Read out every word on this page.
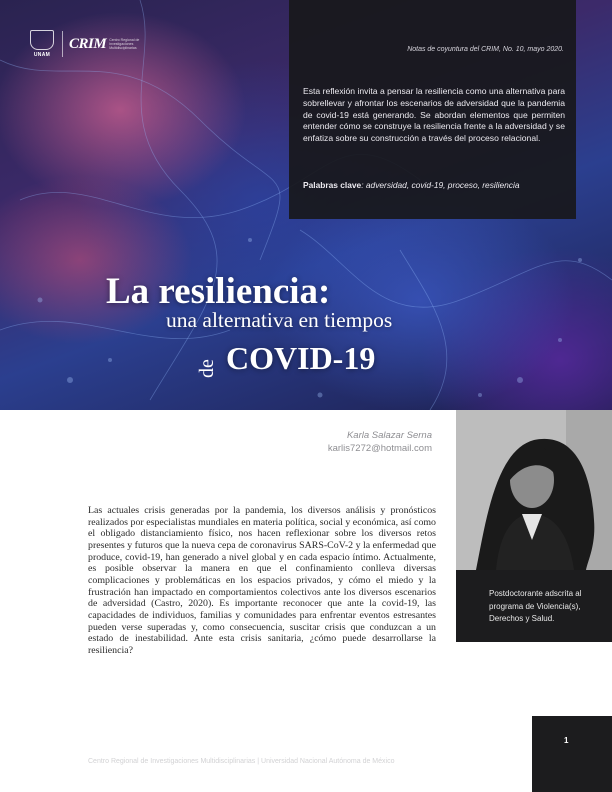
UNAM
CRIM Centro Regional de Investigaciones Multidisciplinarias	Notas de coyuntura del CRIM, No. 10, mayo 2020.
Esta reflexión invita a pensar la resiliencia como una alternativa para sobrellevar y afrontar los escenarios de adversidad que la pandemia de covid-19 está generando. Se abordan elementos que permiten entender cómo se construye la resiliencia frente a la adversidad y se enfatiza sobre su construcción a través del proceso relacional.
Palabras clave: adversidad, covid-19, proceso, resiliencia
La resiliencia:
una alternativa en tiempos
de COVID-19
Karla Salazar Serna
karlis7272@hotmail.com
Postdoctorante adscrita al programa de Violencia(s), Derechos y Salud.
Las actuales crisis generadas por la pandemia, los diversos análisis y pronósticos realizados por especialistas mundiales en materia política, social y económica, así como el obligado distanciamiento físico, nos hacen reflexionar sobre los diversos retos presentes y futuros que la nueva cepa de coronavirus SARS-CoV-2 y la enfermedad que produce, covid-19, han generado a nivel global y en cada espacio íntimo. Actualmente, es posible observar la manera en que el confinamiento conlleva diversas complicaciones y problemáticas en los espacios privados, y cómo el miedo y la frustración han impactado en comportamientos colectivos ante los diversos escenarios de adversidad (Castro, 2020). Es importante reconocer que ante la covid-19, las capacidades de individuos, familias y comunidades para enfrentar eventos estresantes pueden verse superadas y, como consecuencia, suscitar crisis que conduzcan a un estado de inestabilidad. Ante esta crisis sanitaria, ¿cómo puede desarrollarse la resiliencia?
Centro Regional de Investigaciones Multidisciplinarias | Universidad Nacional Autónoma de México
1
